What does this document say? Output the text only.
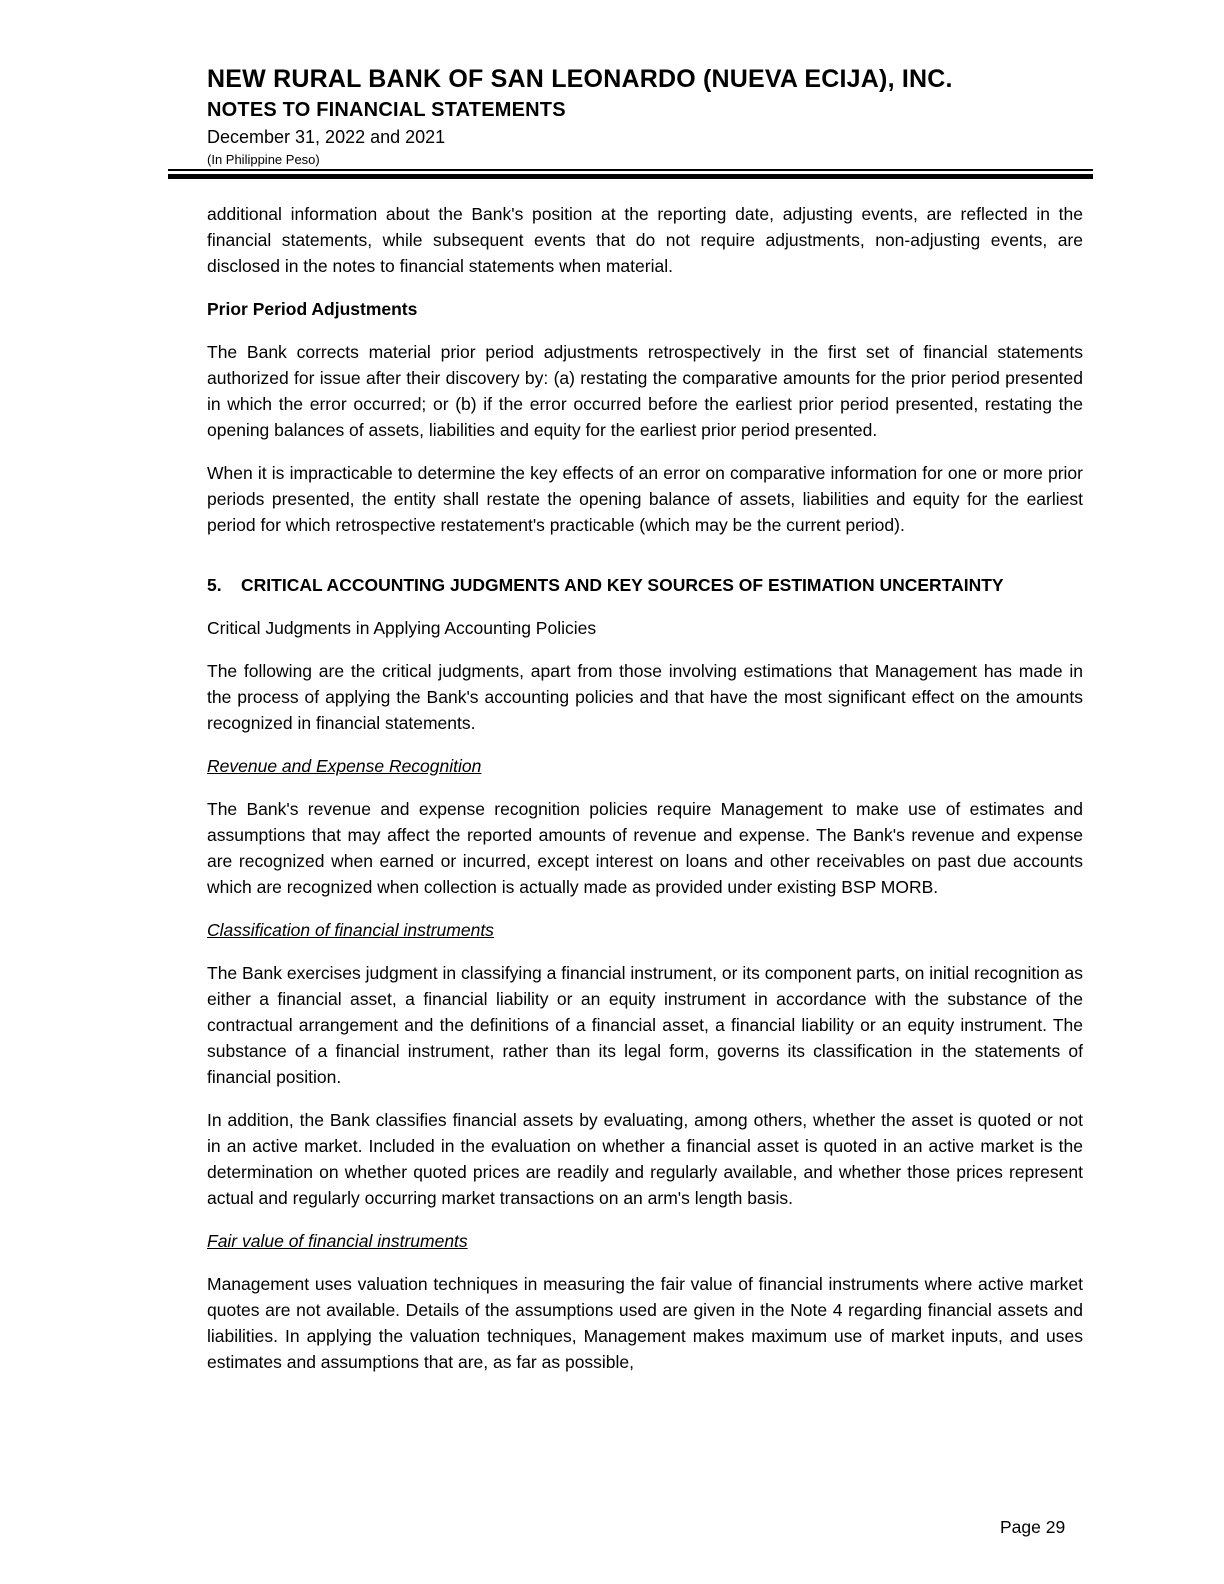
NEW RURAL BANK OF SAN LEONARDO (NUEVA ECIJA), INC.
NOTES TO FINANCIAL STATEMENTS
December 31, 2022 and 2021
(In Philippine Peso)

additional information about the Bank's position at the reporting date, adjusting events, are reflected in the financial statements, while subsequent events that do not require adjustments, non-adjusting events, are disclosed in the notes to financial statements when material.

Prior Period Adjustments

The Bank corrects material prior period adjustments retrospectively in the first set of financial statements authorized for issue after their discovery by: (a) restating the comparative amounts for the prior period presented in which the error occurred; or (b) if the error occurred before the earliest prior period presented, restating the opening balances of assets, liabilities and equity for the earliest prior period presented.

When it is impracticable to determine the key effects of an error on comparative information for one or more prior periods presented, the entity shall restate the opening balance of assets, liabilities and equity for the earliest period for which retrospective restatement's practicable (which may be the current period).

5. CRITICAL ACCOUNTING JUDGMENTS AND KEY SOURCES OF ESTIMATION UNCERTAINTY
Critical Judgments in Applying Accounting Policies

The following are the critical judgments, apart from those involving estimations that Management has made in the process of applying the Bank's accounting policies and that have the most significant effect on the amounts recognized in financial statements.

Revenue and Expense Recognition

The Bank's revenue and expense recognition policies require Management to make use of estimates and assumptions that may affect the reported amounts of revenue and expense. The Bank's revenue and expense are recognized when earned or incurred, except interest on loans and other receivables on past due accounts which are recognized when collection is actually made as provided under existing BSP MORB.

Classification of financial instruments

The Bank exercises judgment in classifying a financial instrument, or its component parts, on initial recognition as either a financial asset, a financial liability or an equity instrument in accordance with the substance of the contractual arrangement and the definitions of a financial asset, a financial liability or an equity instrument. The substance of a financial instrument, rather than its legal form, governs its classification in the statements of financial position.

In addition, the Bank classifies financial assets by evaluating, among others, whether the asset is quoted or not in an active market. Included in the evaluation on whether a financial asset is quoted in an active market is the determination on whether quoted prices are readily and regularly available, and whether those prices represent actual and regularly occurring market transactions on an arm's length basis.

Fair value of financial instruments

Management uses valuation techniques in measuring the fair value of financial instruments where active market quotes are not available. Details of the assumptions used are given in the Note 4 regarding financial assets and liabilities. In applying the valuation techniques, Management makes maximum use of market inputs, and uses estimates and assumptions that are, as far as possible,

Page 29
